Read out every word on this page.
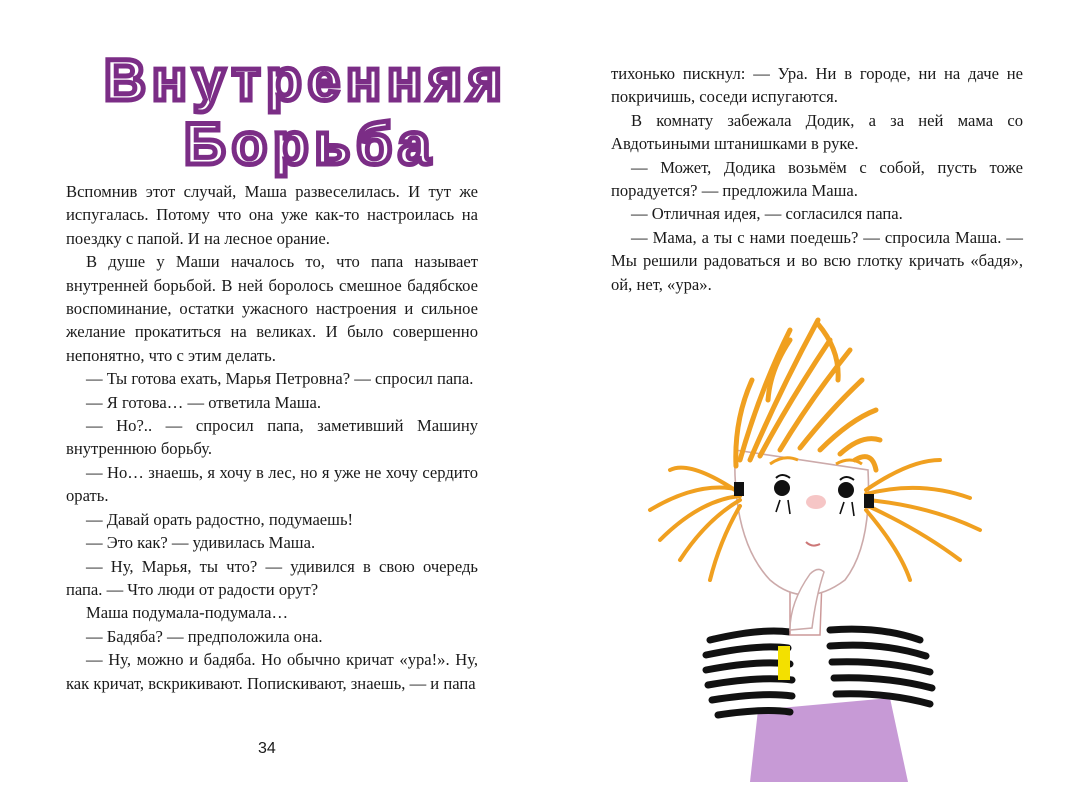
Внутренняя
Борьба

Вспомнив этот случай, Маша развеселилась. И тут же испугалась. Потому что она уже как-то настроилась на поездку с папой. И на лесное орание.

В душе у Маши началось то, что папа называет внутренней борьбой. В ней боролось смешное бадябское воспоминание, остатки ужасного настроения и сильное желание прокатиться на великах. И было совершенно непонятно, что с этим делать.

— Ты готова ехать, Марья Петровна? — спросил папа.

— Я готова… — ответила Маша.

— Но?.. — спросил папа, заметивший Машину внутреннюю борьбу.

— Но… знаешь, я хочу в лес, но я уже не хочу сердито орать.

— Давай орать радостно, подумаешь!

— Это как? — удивилась Маша.

— Ну, Марья, ты что? — удивился в свою очередь папа. — Что люди от радости орут?

Маша подумала-подумала…

— Бадяба? — предположила она.

— Ну, можно и бадяба. Но обычно кричат «ура!». Ну, как кричат, вскрикивают. Попискивают, знаешь, — и папа

34

тихонько пискнул: — Ура. Ни в городе, ни на даче не покричишь, соседи испугаются.

В комнату забежала Додик, а за ней мама со Авдотьиными штанишками в руке.

— Может, Додика возьмём с собой, пусть тоже порадуется? — предложила Маша.

— Отличная идея, — согласился папа.

— Мама, а ты с нами поедешь? — спросила Маша. — Мы решили радоваться и во всю глотку кричать «бадя», ой, нет, «ура».
